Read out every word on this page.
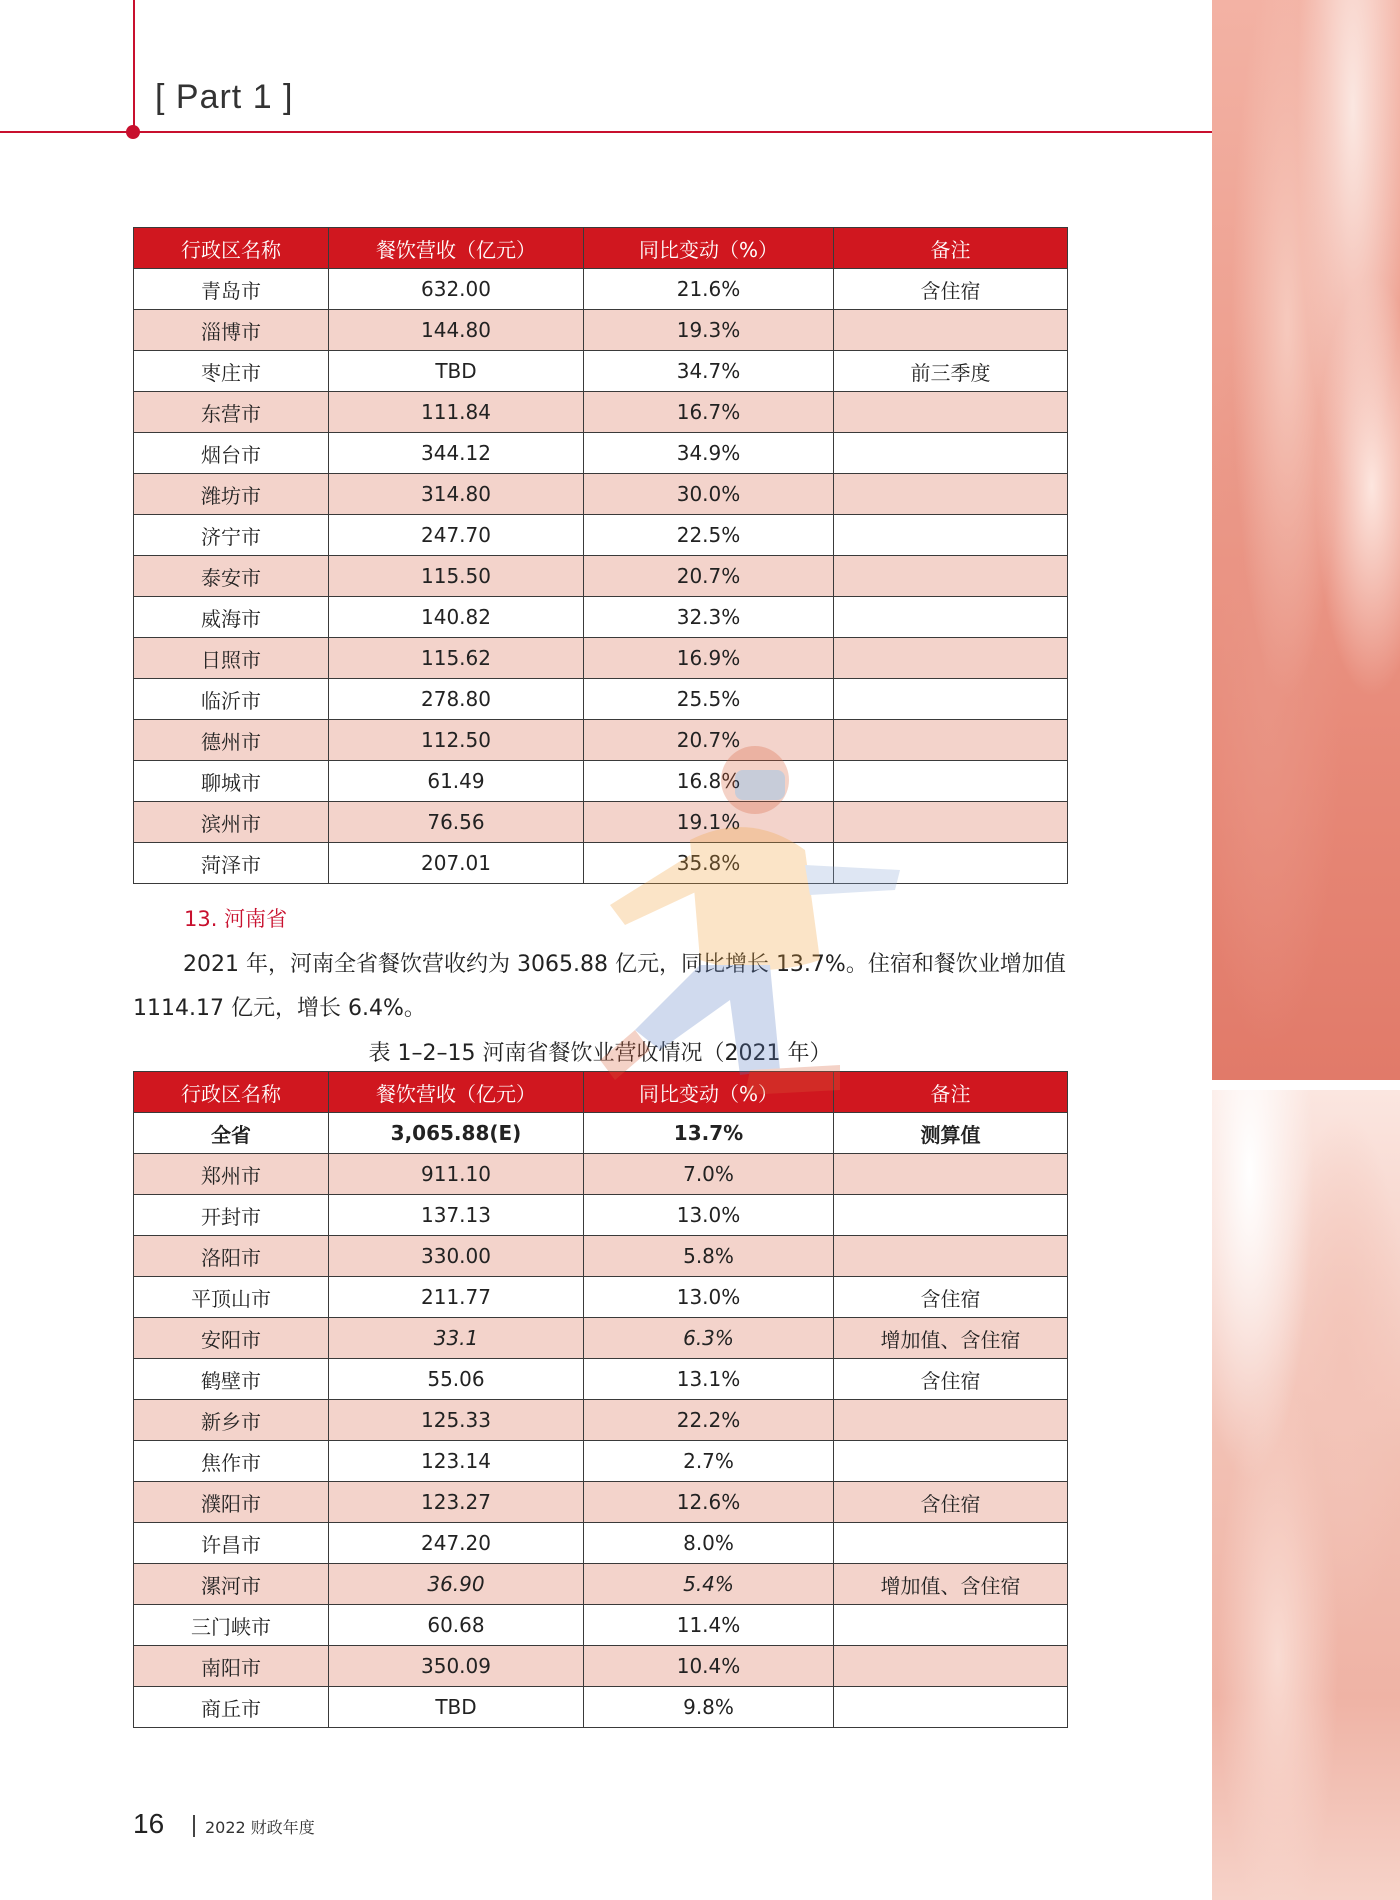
[ Part 1 ]
行政区名称	餐饮营收（亿元）	同比变动（%）	备注
青岛市	632.00	21.6%	含住宿
淄博市	144.80	19.3%	
枣庄市	TBD	34.7%	前三季度
东营市	111.84	16.7%	
烟台市	344.12	34.9%	
潍坊市	314.80	30.0%	
济宁市	247.70	22.5%	
泰安市	115.50	20.7%	
威海市	140.82	32.3%	
日照市	115.62	16.9%	
临沂市	278.80	25.5%	
德州市	112.50	20.7%	
聊城市	61.49	16.8%	
滨州市	76.56	19.1%	
菏泽市	207.01	35.8%	
13. 河南省
2021 年，河南全省餐饮营收约为 3065.88 亿元，同比增长 13.7%。住宿和餐饮业增加值 1114.17 亿元，增长 6.4%。
表 1–2–15 河南省餐饮业营收情况（2021 年）
行政区名称	餐饮营收（亿元）	同比变动（%）	备注
全省	3,065.88(E)	13.7%	测算值
郑州市	911.10	7.0%	
开封市	137.13	13.0%	
洛阳市	330.00	5.8%	
平顶山市	211.77	13.0%	含住宿
安阳市	33.1	6.3%	增加值、含住宿
鹤壁市	55.06	13.1%	含住宿
新乡市	125.33	22.2%	
焦作市	123.14	2.7%	
濮阳市	123.27	12.6%	含住宿
许昌市	247.20	8.0%	
漯河市	36.90	5.4%	增加值、含住宿
三门峡市	60.68	11.4%	
南阳市	350.09	10.4%	
商丘市	TBD	9.8%	
16	2022 财政年度
